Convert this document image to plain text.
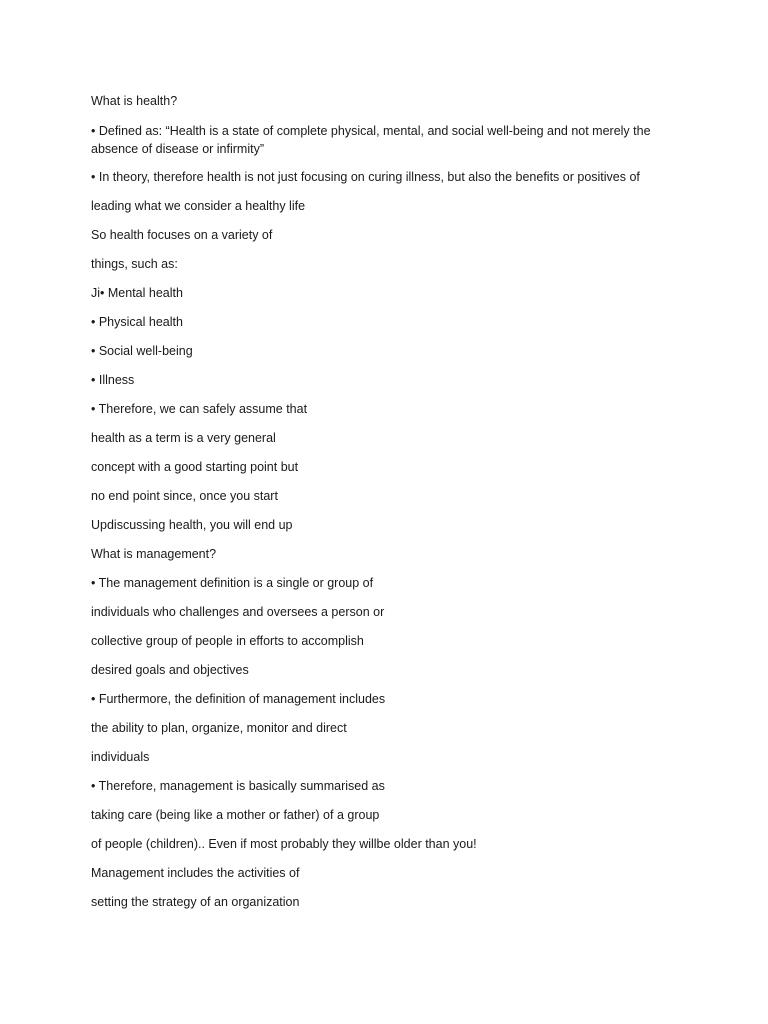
What is health?

• Defined as: “Health is a state of complete physical, mental, and social well-being and not merely the absence of disease or infirmity”

• In theory, therefore health is not just focusing on curing illness, but also the benefits or positives of

leading what we consider a healthy life

So health focuses on a variety of

things, such as:

Ji• Mental health

• Physical health

• Social well-being

• Illness

• Therefore, we can safely assume that

health as a term is a very general

concept with a good starting point but

no end point since, once you start

Updiscussing health, you will end up

What is management?

• The management definition is a single or group of

individuals who challenges and oversees a person or

collective group of people in efforts to accomplish

desired goals and objectives

• Furthermore, the definition of management includes

the ability to plan, organize, monitor and direct

individuals

• Therefore, management is basically summarised as

taking care (being like a mother or father) of a group

of people (children).. Even if most probably they willbe older than you!

Management includes the activities of

setting the strategy of an organization
